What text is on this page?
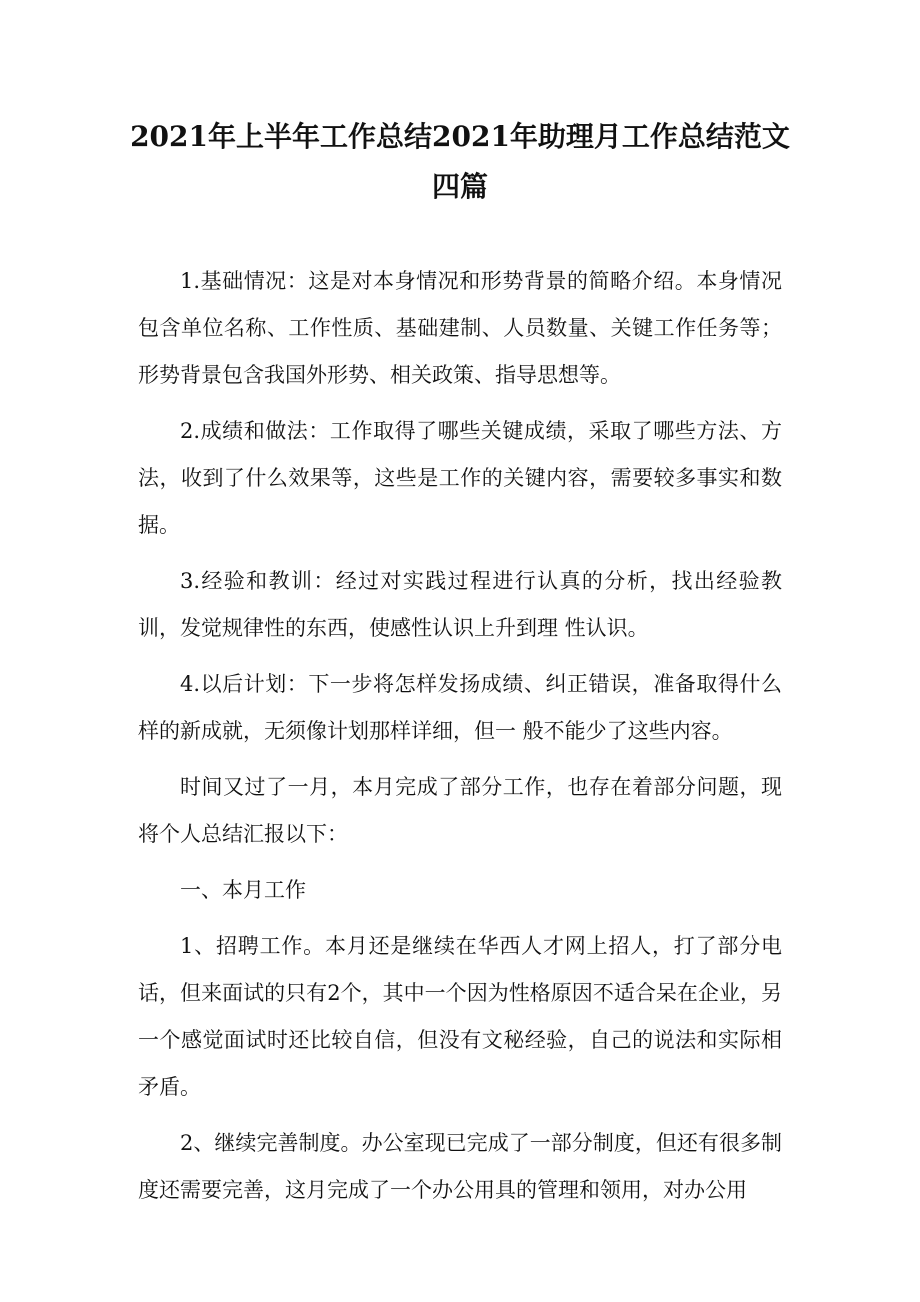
2021年上半年工作总结2021年助理月工作总结范文四篇

1.基础情况：这是对本身情况和形势背景的简略介绍。本身情况包含单位名称、工作性质、基础建制、人员数量、关键工作任务等；形势背景包含我国外形势、相关政策、指导思想等。

2.成绩和做法：工作取得了哪些关键成绩，采取了哪些方法、方法，收到了什么效果等，这些是工作的关键内容，需要较多事实和数据。

3.经验和教训：经过对实践过程进行认真的分析，找出经验教训，发觉规律性的东西，使感性认识上升到理 性认识。

4.以后计划：下一步将怎样发扬成绩、纠正错误，准备取得什么样的新成就，无须像计划那样详细，但一 般不能少了这些内容。

时间又过了一月，本月完成了部分工作，也存在着部分问题，现将个人总结汇报以下：

一、本月工作

1、招聘工作。本月还是继续在华西人才网上招人，打了部分电话，但来面试的只有2个，其中一个因为性格原因不适合呆在企业，另一个感觉面试时还比较自信，但没有文秘经验，自己的说法和实际相矛盾。

2、继续完善制度。办公室现已完成了一部分制度，但还有很多制度还需要完善，这月完成了一个办公用具的管理和领用，对办公用
